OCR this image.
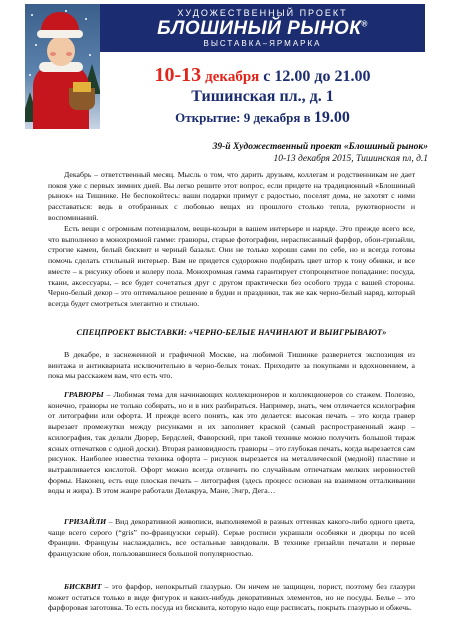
ХУДОЖЕСТВЕННЫЙ ПРОЕКТ
БЛОШИНЫЙ РЫНОК®
ВЫСТАВКА–ЯРМАРКА
10-13 декабря с 12.00 до 21.00
Тишинская пл., д. 1
Открытие: 9 декабря в 19.00
39-й Художественный проект «Блошиный рынок»
10-13 декабря 2015, Тишинская пл, д.1

Декабрь – ответственный месяц. Мысль о том, что дарить друзьям, коллегам и родственникам не дает покоя уже с первых зимних дней. Вы легко решите этот вопрос, если придете на традиционный «Блошиный рынок» на Тишинке. Не беспокойтесь: ваши подарки примут с радостью, поселят дома, не захотят с ними расставаться: ведь в отобранных с любовью вещах из прошлого столько тепла, рукотворности и воспоминаний.

Есть вещи с огромным потенциалом, вещи-козыри в вашем интерьере и наряде. Это прежде всего все, что выполнено в монохромной гамме: гравюры, старые фотографии, нерасписанный фарфор, обои-гризайли, строгие камеи, белый бисквит и черный базальт. Они не только хороши сами по себе, но и всегда готовы помочь сделать стильный интерьер. Вам не придется судорожно подбирать цвет штор к тону обивки, и все вместе – к рисунку обоев и колеру пола. Монохромная гамма гарантирует стопроцентное попадание: посуда, ткани, аксессуары, – все будет сочетаться друг с другом практически без особого труда с вашей стороны. Черно-белый декор – это оптимальное решение в будни и праздники, так же как черно-белый наряд, который всегда будет смотреться элегантно и стильно.

СПЕЦПРОЕКТ ВЫСТАВКИ: «ЧЕРНО-БЕЛЫЕ НАЧИНАЮТ И ВЫИГРЫВАЮТ»

В декабре, в заснеженной и графичной Москве, на любимой Тишинке развернется экспозиция из винтажа и антиквариата исключительно в черно-белых тонах. Приходите за покупками и вдохновением, а пока мы расскажем вам, что есть что.

ГРАВЮРЫ – Любимая тема для начинающих коллекционеров и коллекционеров со стажем. Полезно, конечно, гравюры не только собирать, но и в них разбираться. Например, знать, чем отличается ксилография от литографии или офорта. И прежде всего понять, как это делается: высокая печать – это когда гравер вырезает промежутки между рисунками и их заполняет краской (самый распространенный жанр – ксилография, так делали Дюрер, Бердслей, Фаворский, при такой технике можно получить большой тираж ясных отпечатков с одной доски). Вторая разновидность гравюры – это глубокая печать, когда вырезается сам рисунок. Наиболее известна техника офорта – рисунок вырезается на металлической (медной) пластине и вытравливается кислотой. Офорт можно всегда отличить по случайным отпечаткам мелких неровностей формы. Наконец, есть еще плоская печать – литография (здесь процесс основан на взаимном отталкивании воды и жира). В этом жанре работали Делакруа, Мане, Энгр, Дега…

ГРИЗАЙЛИ – Вид декоративной живописи, выполняемой в разных оттенках какого-либо одного цвета, чаще всего серого (“gris” по-французски серый). Серые росписи украшали особняки и дворцы по всей Франции. Французы наслаждались, все остальные завидовали. В технике гризайли печатали и первые французские обои, пользовавшиеся большой популярностью.

БИСКВИТ – это фарфор, непокрытый глазурью. Он ничем не защищен, порист, поэтому без глазури может остаться только в виде фигурок и каких-нибудь декоративных элементов, но не посуды. Белье – это фарфоровая заготовка. То есть посуда из бисквита, которую надо еще расписать, покрыть глазурью и обжечь.
